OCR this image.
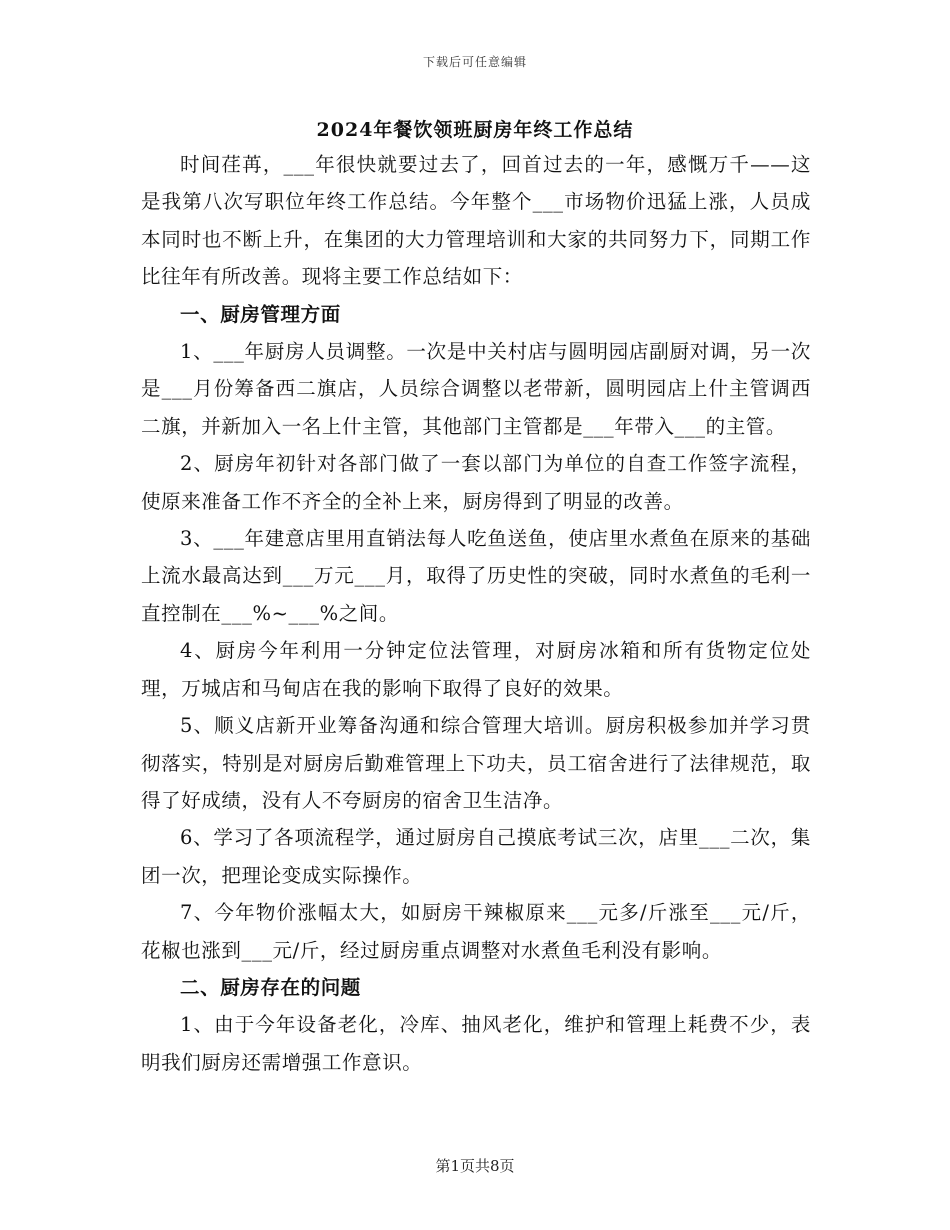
下载后可任意编辑
2024年餐饮领班厨房年终工作总结

时间荏苒，___年很快就要过去了，回首过去的一年，感慨万千——这是我第八次写职位年终工作总结。今年整个___市场物价迅猛上涨，人员成本同时也不断上升，在集团的大力管理培训和大家的共同努力下，同期工作比往年有所改善。现将主要工作总结如下：

一、厨房管理方面

1、___年厨房人员调整。一次是中关村店与圆明园店副厨对调，另一次是___月份筹备西二旗店，人员综合调整以老带新，圆明园店上什主管调西二旗，并新加入一名上什主管，其他部门主管都是___年带入___的主管。

2、厨房年初针对各部门做了一套以部门为单位的自查工作签字流程，使原来准备工作不齐全的全补上来，厨房得到了明显的改善。

3、___年建意店里用直销法每人吃鱼送鱼，使店里水煮鱼在原来的基础上流水最高达到___万元___月，取得了历史性的突破，同时水煮鱼的毛利一直控制在___%~___%之间。

4、厨房今年利用一分钟定位法管理，对厨房冰箱和所有货物定位处理，万城店和马甸店在我的影响下取得了良好的效果。

5、顺义店新开业筹备沟通和综合管理大培训。厨房积极参加并学习贯彻落实，特别是对厨房后勤难管理上下功夫，员工宿舍进行了法律规范，取得了好成绩，没有人不夸厨房的宿舍卫生洁净。

6、学习了各项流程学，通过厨房自己摸底考试三次，店里___二次，集团一次，把理论变成实际操作。

7、今年物价涨幅太大，如厨房干辣椒原来___元多/斤涨至___元/斤，花椒也涨到___元/斤，经过厨房重点调整对水煮鱼毛利没有影响。

二、厨房存在的问题

1、由于今年设备老化，冷库、抽风老化，维护和管理上耗费不少，表明我们厨房还需增强工作意识。

第1页共8页
